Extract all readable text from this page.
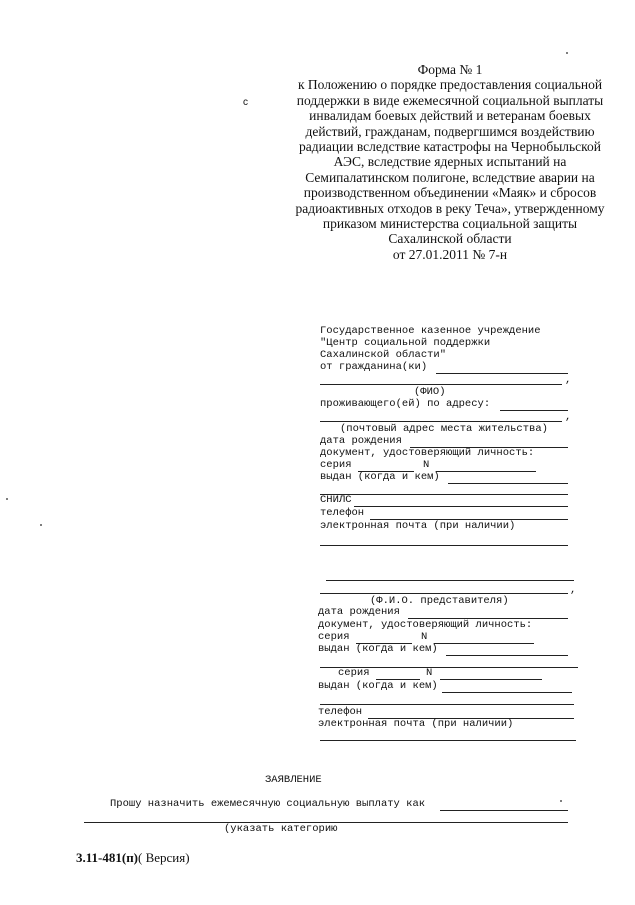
Форма № 1
к Положению о порядке предоставления социальной
поддержки в виде ежемесячной социальной выплаты
инвалидам боевых действий и ветеранам боевых
действий, гражданам, подвергшимся воздействию
радиации вследствие катастрофы на Чернобыльской
АЭС, вследствие ядерных испытаний на
Семипалатинском полигоне, вследствие аварии на
производственном объединении «Маяк» и сбросов
радиоактивных отходов в реку Теча», утвержденному
приказом министерства социальной защиты
Сахалинской области
от 27.01.2011 № 7-н
c
Государственное казенное учреждение
"Центр социальной поддержки
Сахалинской области"
от гражданина(ки)
,
(ФИО)
проживающего(ей) по адресу:
,
(почтовый адрес места жительства)
дата рождения
документ, удостоверяющий личность:
серия	N
выдан (когда и кем)
СНИЛС
телефон
электронная почта (при наличии)
,
(Ф.И.О. представителя)
дата рождения
документ, удостоверяющий личность:
серия	N
выдан (когда и кем)
серия	N
выдан (когда и кем)
телефон
электронная почта (при наличии)
ЗАЯВЛЕНИЕ
Прошу назначить ежемесячную социальную выплату как
(указать категорию
3.11-481(п)( Версия)
